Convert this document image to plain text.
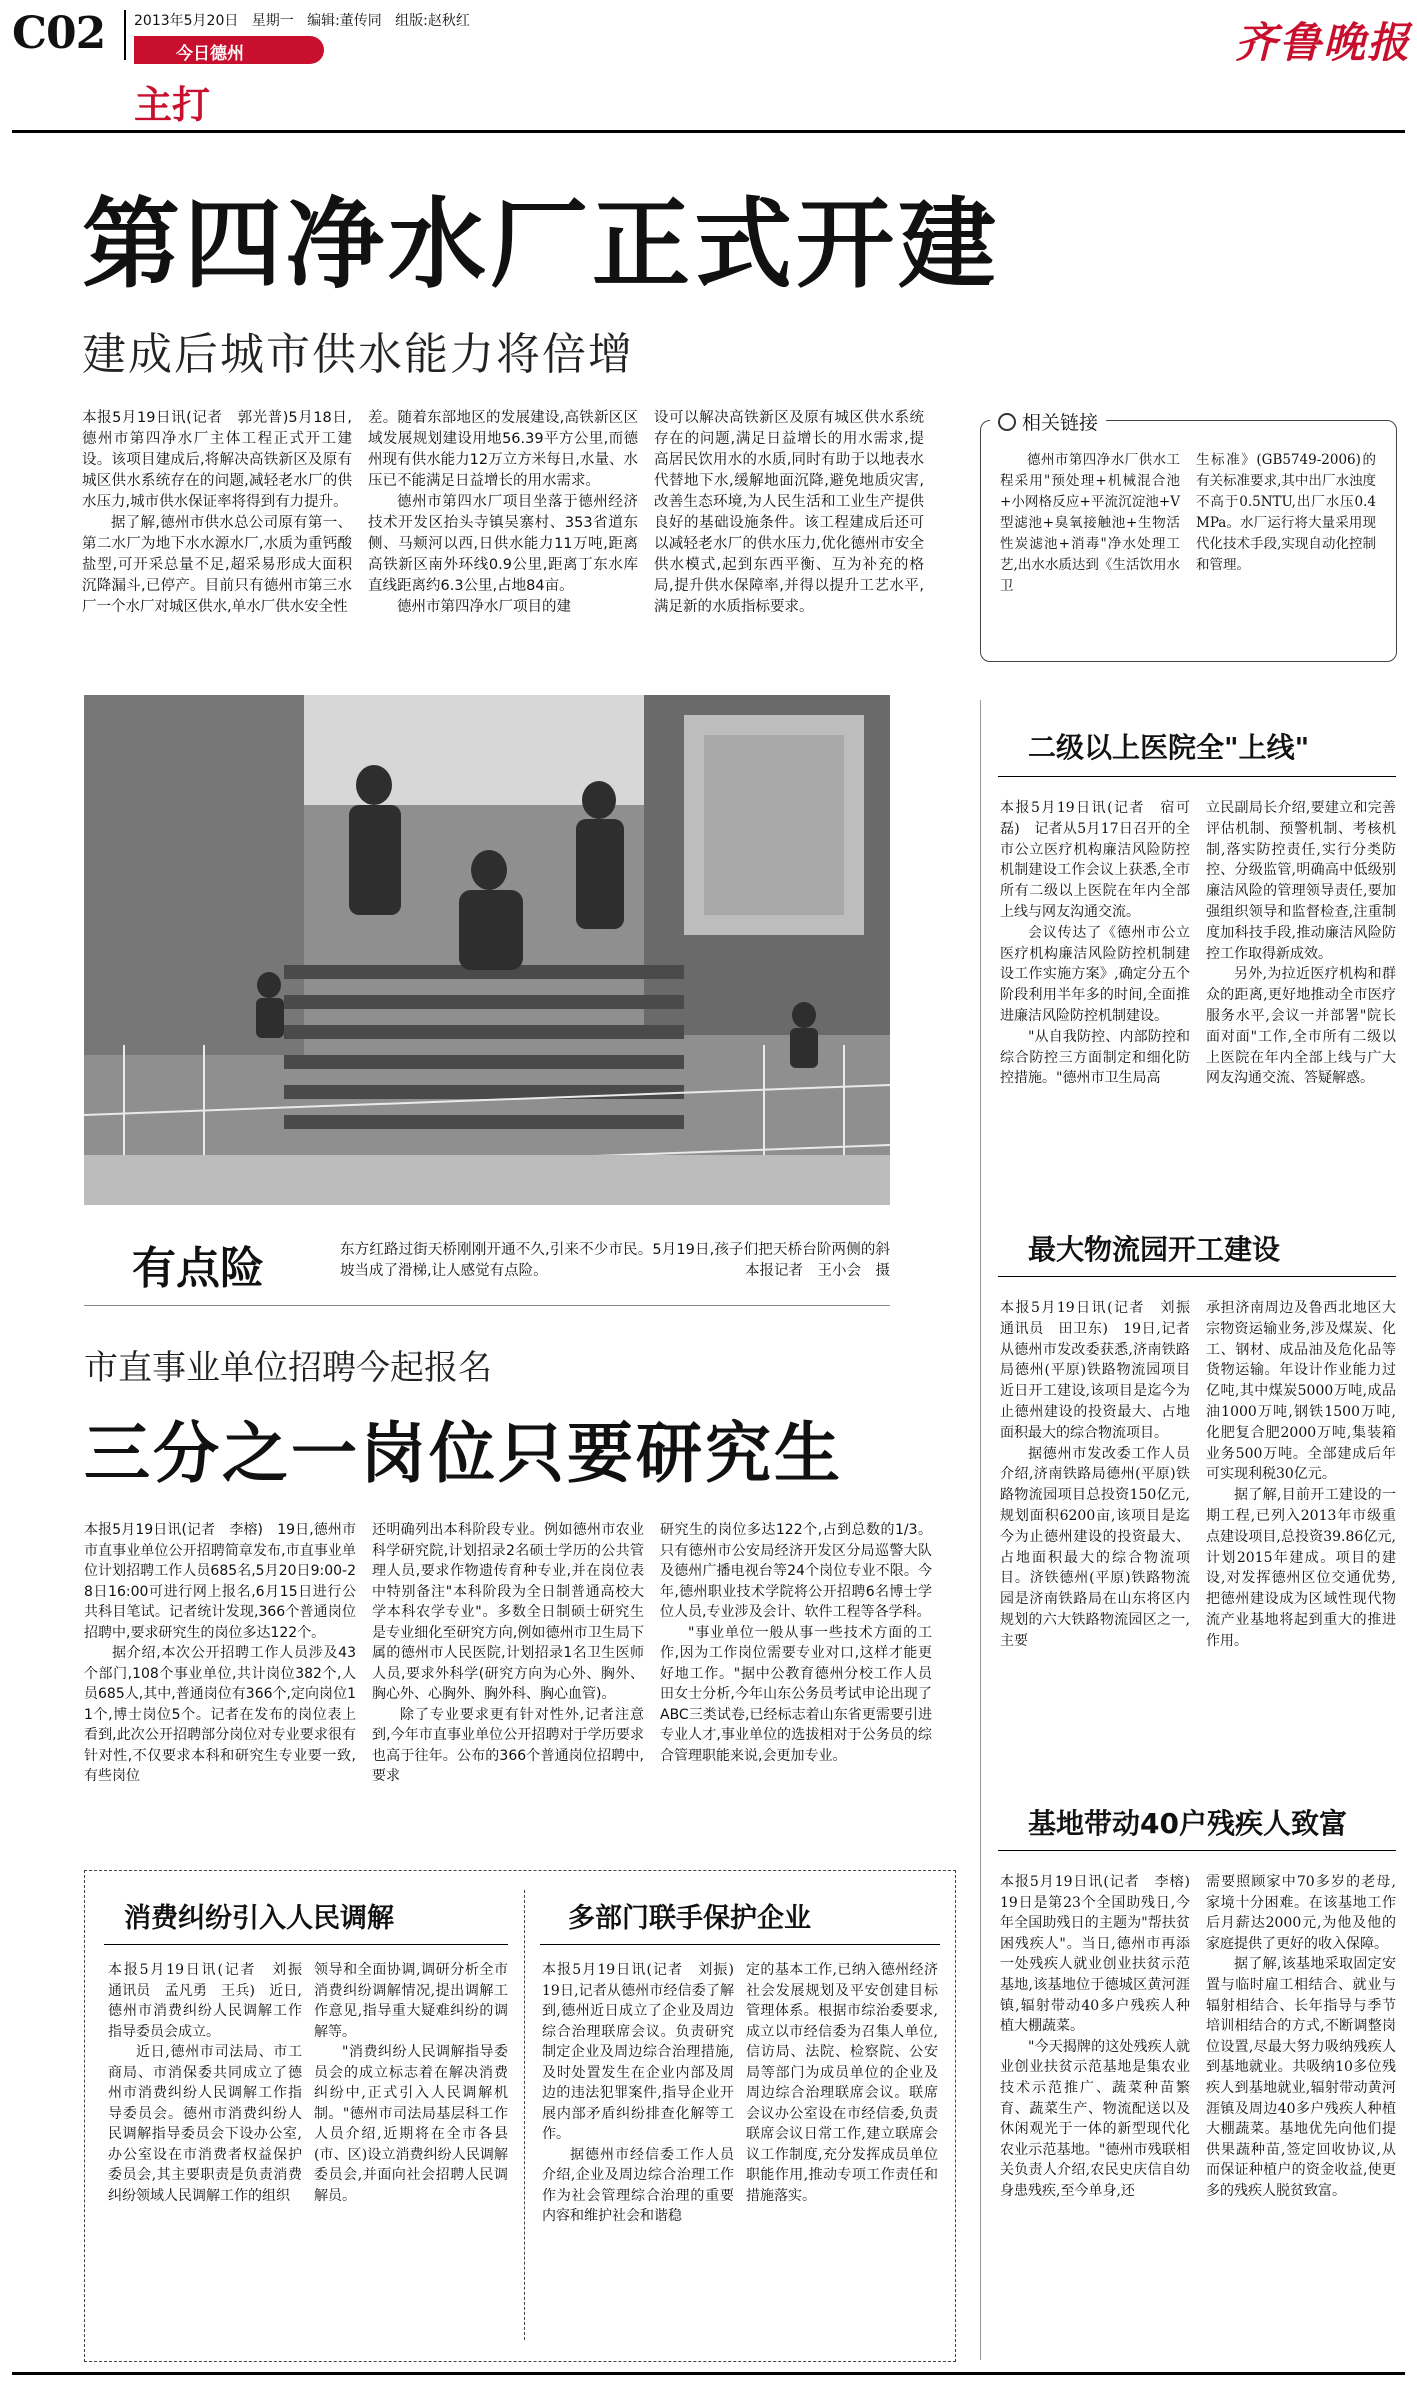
C02 2013年5月20日 星期一 编辑:董传同 组版:赵秋红
今日德州
主打
齐鲁晚报
第四净水厂正式开建
建成后城市供水能力将倍增

本报5月19日讯(记者　郭光普)5月18日,德州市第四净水厂主体工程正式开工建设。该项目建成后,将解决高铁新区及原有城区供水系统存在的问题,减轻老水厂的供水压力,城市供水保证率将得到有力提升。

据了解,德州市供水总公司原有第一、第二水厂为地下水水源水厂,水质为重钙酸盐型,可开采总量不足,超采易形成大面积沉降漏斗,已停产。目前只有德州市第三水厂一个水厂对城区供水,单水厂供水安全性

差。随着东部地区的发展建设,高铁新区区域发展规划建设用地56.39平方公里,而德州现有供水能力12万立方米每日,水量、水压已不能满足日益增长的用水需求。

德州市第四水厂项目坐落于德州经济技术开发区抬头寺镇吴寨村、353省道东侧、马颊河以西,日供水能力11万吨,距离高铁新区南外环线0.9公里,距离丁东水库直线距离约6.3公里,占地84亩。

德州市第四净水厂项目的建

设可以解决高铁新区及原有城区供水系统存在的问题,满足日益增长的用水需求,提高居民饮用水的水质,同时有助于以地表水代替地下水,缓解地面沉降,避免地质灾害,改善生态环境,为人民生活和工业生产提供良好的基础设施条件。该工程建成后还可以减轻老水厂的供水压力,优化德州市安全供水模式,起到东西平衡、互为补充的格局,提升供水保障率,并得以提升工艺水平,满足新的水质指标要求。

相关链接

德州市第四净水厂供水工程采用"预处理+机械混合池+小网格反应+平流沉淀池+V型滤池+臭氧接触池+生物活性炭滤池+消毒"净水处理工艺,出水水质达到《生活饮用水卫

生标准》(GB5749-2006)的有关标准要求,其中出厂水浊度不高于0.5NTU,出厂水压0.4MPa。水厂运行将大量采用现代化技术手段,实现自动化控制和管理。

有点险	东方红路过街天桥刚刚开通不久,引来不少市民。5月19日,孩子们把天桥台阶两侧的斜坡当成了滑梯,让人感觉有点险。	本报记者　王小会　摄
二级以上医院全"上线"

本报5月19日讯(记者　宿可磊)　记者从5月17日召开的全市公立医疗机构廉洁风险防控机制建设工作会议上获悉,全市所有二级以上医院在年内全部上线与网友沟通交流。

会议传达了《德州市公立医疗机构廉洁风险防控机制建设工作实施方案》,确定分五个阶段利用半年多的时间,全面推进廉洁风险防控机制建设。

"从自我防控、内部防控和综合防控三方面制定和细化防控措施。"德州市卫生局高

立民副局长介绍,要建立和完善评估机制、预警机制、考核机制,落实防控责任,实行分类防控、分级监管,明确高中低级别廉洁风险的管理领导责任,要加强组织领导和监督检查,注重制度加科技手段,推动廉洁风险防控工作取得新成效。

另外,为拉近医疗机构和群众的距离,更好地推动全市医疗服务水平,会议一并部署"院长面对面"工作,全市所有二级以上医院在年内全部上线与广大网友沟通交流、答疑解惑。

最大物流园开工建设

本报5月19日讯(记者　刘振　通讯员　田卫东)　19日,记者从德州市发改委获悉,济南铁路局德州(平原)铁路物流园项目近日开工建设,该项目是迄今为止德州建设的投资最大、占地面积最大的综合物流项目。

据德州市发改委工作人员介绍,济南铁路局德州(平原)铁路物流园项目总投资150亿元,规划面积6200亩,该项目是迄今为止德州建设的投资最大、占地面积最大的综合物流项目。济铁德州(平原)铁路物流园是济南铁路局在山东将区内规划的六大铁路物流园区之一,主要

承担济南周边及鲁西北地区大宗物资运输业务,涉及煤炭、化工、钢材、成品油及危化品等货物运输。年设计作业能力过亿吨,其中煤炭5000万吨,成品油1000万吨,钢铁1500万吨,化肥复合肥2000万吨,集装箱业务500万吨。全部建成后年可实现利税30亿元。

据了解,目前开工建设的一期工程,已列入2013年市级重点建设项目,总投资39.86亿元,计划2015年建成。项目的建设,对发挥德州区位交通优势,把德州建设成为区域性现代物流产业基地将起到重大的推进作用。

基地带动40户残疾人致富

本报5月19日讯(记者　李榕)　19日是第23个全国助残日,今年全国助残日的主题为"帮扶贫困残疾人"。当日,德州市再添一处残疾人就业创业扶贫示范基地,该基地位于德城区黄河涯镇,辐射带动40多户残疾人种植大棚蔬菜。

"今天揭牌的这处残疾人就业创业扶贫示范基地是集农业技术示范推广、蔬菜种苗繁育、蔬菜生产、物流配送以及休闲观光于一体的新型现代化农业示范基地。"德州市残联相关负责人介绍,农民史庆信自幼身患残疾,至今单身,还

需要照顾家中70多岁的老母,家境十分困难。在该基地工作后月薪达2000元,为他及他的家庭提供了更好的收入保障。

据了解,该基地采取固定安置与临时雇工相结合、就业与辐射相结合、长年指导与季节培训相结合的方式,不断调整岗位设置,尽最大努力吸纳残疾人到基地就业。共吸纳10多位残疾人到基地就业,辐射带动黄河涯镇及周边40多户残疾人种植大棚蔬菜。基地优先向他们提供果蔬种苗,签定回收协议,从而保证种植户的资金收益,使更多的残疾人脱贫致富。

市直事业单位招聘今起报名
三分之一岗位只要研究生

本报5月19日讯(记者　李榕)　19日,德州市市直事业单位公开招聘简章发布,市直事业单位计划招聘工作人员685名,5月20日9:00-28日16:00可进行网上报名,6月15日进行公共科目笔试。记者统计发现,366个普通岗位招聘中,要求研究生的岗位多达122个。

据介绍,本次公开招聘工作人员涉及43个部门,108个事业单位,共计岗位382个,人员685人,其中,普通岗位有366个,定向岗位11个,博士岗位5个。记者在发布的岗位表上看到,此次公开招聘部分岗位对专业要求很有针对性,不仅要求本科和研究生专业要一致,有些岗位

还明确列出本科阶段专业。例如德州市农业科学研究院,计划招录2名硕士学历的公共管理人员,要求作物遗传育种专业,并在岗位表中特别备注"本科阶段为全日制普通高校大学本科农学专业"。多数全日制硕士研究生是专业细化至研究方向,例如德州市卫生局下属的德州市人民医院,计划招录1名卫生医师人员,要求外科学(研究方向为心外、胸外、胸心外、心胸外、胸外科、胸心血管)。

除了专业要求更有针对性外,记者注意到,今年市直事业单位公开招聘对于学历要求也高于往年。公布的366个普通岗位招聘中,要求

研究生的岗位多达122个,占到总数的1/3。只有德州市公安局经济开发区分局巡警大队及德州广播电视台等24个岗位专业不限。今年,德州职业技术学院将公开招聘6名博士学位人员,专业涉及会计、软件工程等各学科。

"事业单位一般从事一些技术方面的工作,因为工作岗位需要专业对口,这样才能更好地工作。"据中公教育德州分校工作人员田女士分析,今年山东公务员考试申论出现了ABC三类试卷,已经标志着山东省更需要引进专业人才,事业单位的选拔相对于公务员的综合管理职能来说,会更加专业。

消费纠纷引入人民调解

本报5月19日讯(记者　刘振　通讯员　孟凡勇　王兵)　近日,德州市消费纠纷人民调解工作指导委员会成立。

近日,德州市司法局、市工商局、市消保委共同成立了德州市消费纠纷人民调解工作指导委员会。德州市消费纠纷人民调解指导委员会下设办公室,办公室设在市消费者权益保护委员会,其主要职责是负责消费纠纷领域人民调解工作的组织

领导和全面协调,调研分析全市消费纠纷调解情况,提出调解工作意见,指导重大疑难纠纷的调解等。

"消费纠纷人民调解指导委员会的成立标志着在解决消费纠纷中,正式引入人民调解机制。"德州市司法局基层科工作人员介绍,近期将在全市各县(市、区)设立消费纠纷人民调解委员会,并面向社会招聘人民调解员。

多部门联手保护企业

本报5月19日讯(记者　刘振)　19日,记者从德州市经信委了解到,德州近日成立了企业及周边综合治理联席会议。负责研究制定企业及周边综合治理措施,及时处置发生在企业内部及周边的违法犯罪案件,指导企业开展内部矛盾纠纷排查化解等工作。

据德州市经信委工作人员介绍,企业及周边综合治理工作作为社会管理综合治理的重要内容和维护社会和谐稳

定的基本工作,已纳入德州经济社会发展规划及平安创建目标管理体系。根据市综治委要求,成立以市经信委为召集人单位,信访局、法院、检察院、公安局等部门为成员单位的企业及周边综合治理联席会议。联席会议办公室设在市经信委,负责联席会议日常工作,建立联席会议工作制度,充分发挥成员单位职能作用,推动专项工作责任和措施落实。
